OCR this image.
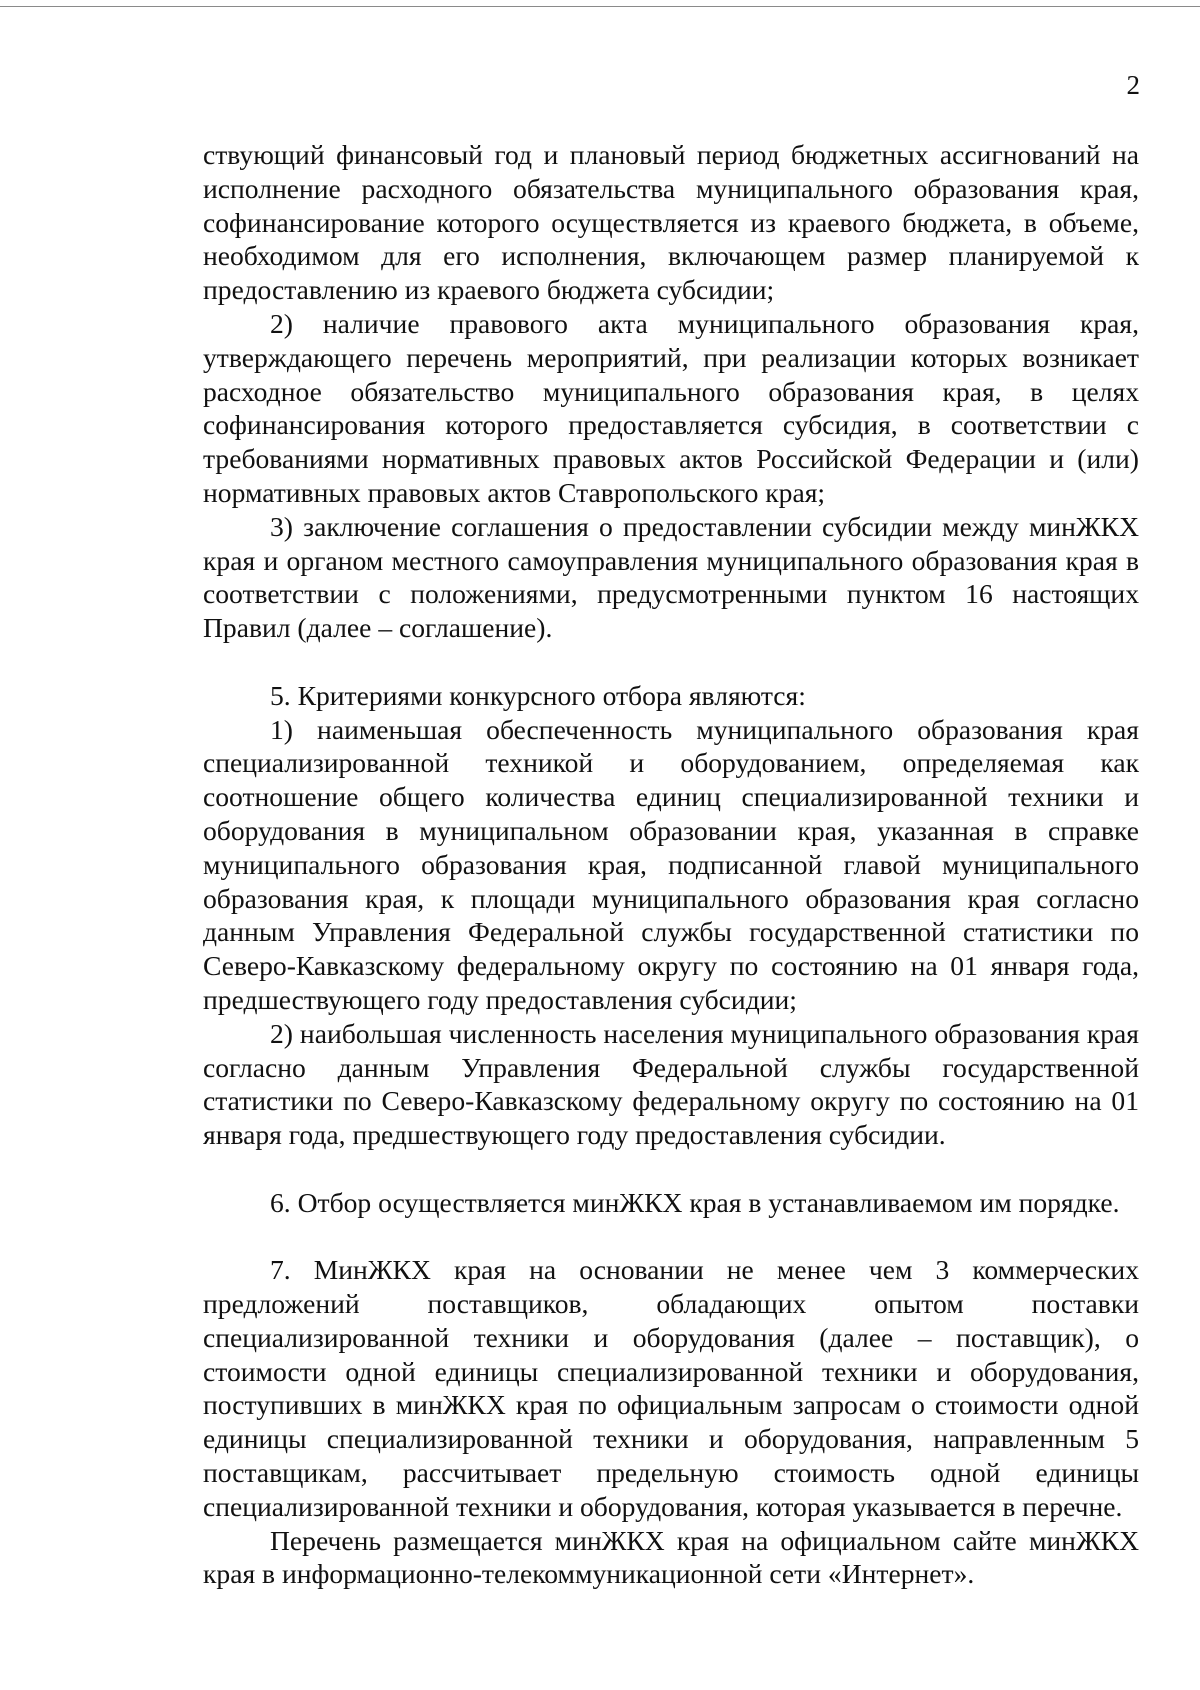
2

ствующий финансовый год и плановый период бюджетных ассигнований на исполнение расходного обязательства муниципального образования края, софинансирование которого осуществляется из краевого бюджета, в объеме, необходимом для его исполнения, включающем размер планируемой к предоставлению из краевого бюджета субсидии;

2) наличие правового акта муниципального образования края, утверждающего перечень мероприятий, при реализации которых возникает расходное обязательство муниципального образования края, в целях софинансирования которого предоставляется субсидия, в соответствии с требованиями нормативных правовых актов Российской Федерации и (или) нормативных правовых актов Ставропольского края;

3) заключение соглашения о предоставлении субсидии между минЖКХ края и органом местного самоуправления муниципального образования края в соответствии с положениями, предусмотренными пунктом 16 настоящих Правил (далее – соглашение).

5. Критериями конкурсного отбора являются:

1) наименьшая обеспеченность муниципального образования края специализированной техникой и оборудованием, определяемая как соотношение общего количества единиц специализированной техники и оборудования в муниципальном образовании края, указанная в справке муниципального образования края, подписанной главой муниципального образования края, к площади муниципального образования края согласно данным Управления Федеральной службы государственной статистики по Северо-Кавказскому федеральному округу по состоянию на 01 января года, предшествующего году предоставления субсидии;

2) наибольшая численность населения муниципального образования края согласно данным Управления Федеральной службы государственной статистики по Северо-Кавказскому федеральному округу по состоянию на 01 января года, предшествующего году предоставления субсидии.

6. Отбор осуществляется минЖКХ края в устанавливаемом им порядке.

7. МинЖКХ края на основании не менее чем 3 коммерческих предложений поставщиков, обладающих опытом поставки специализированной техники и оборудования (далее – поставщик), о стоимости одной единицы специализированной техники и оборудования, поступивших в минЖКХ края по официальным запросам о стоимости одной единицы специализированной техники и оборудования, направленным 5 поставщикам, рассчитывает предельную стоимость одной единицы специализированной техники и оборудования, которая указывается в перечне.

Перечень размещается минЖКХ края на официальном сайте минЖКХ края в информационно-телекоммуникационной сети «Интернет».
